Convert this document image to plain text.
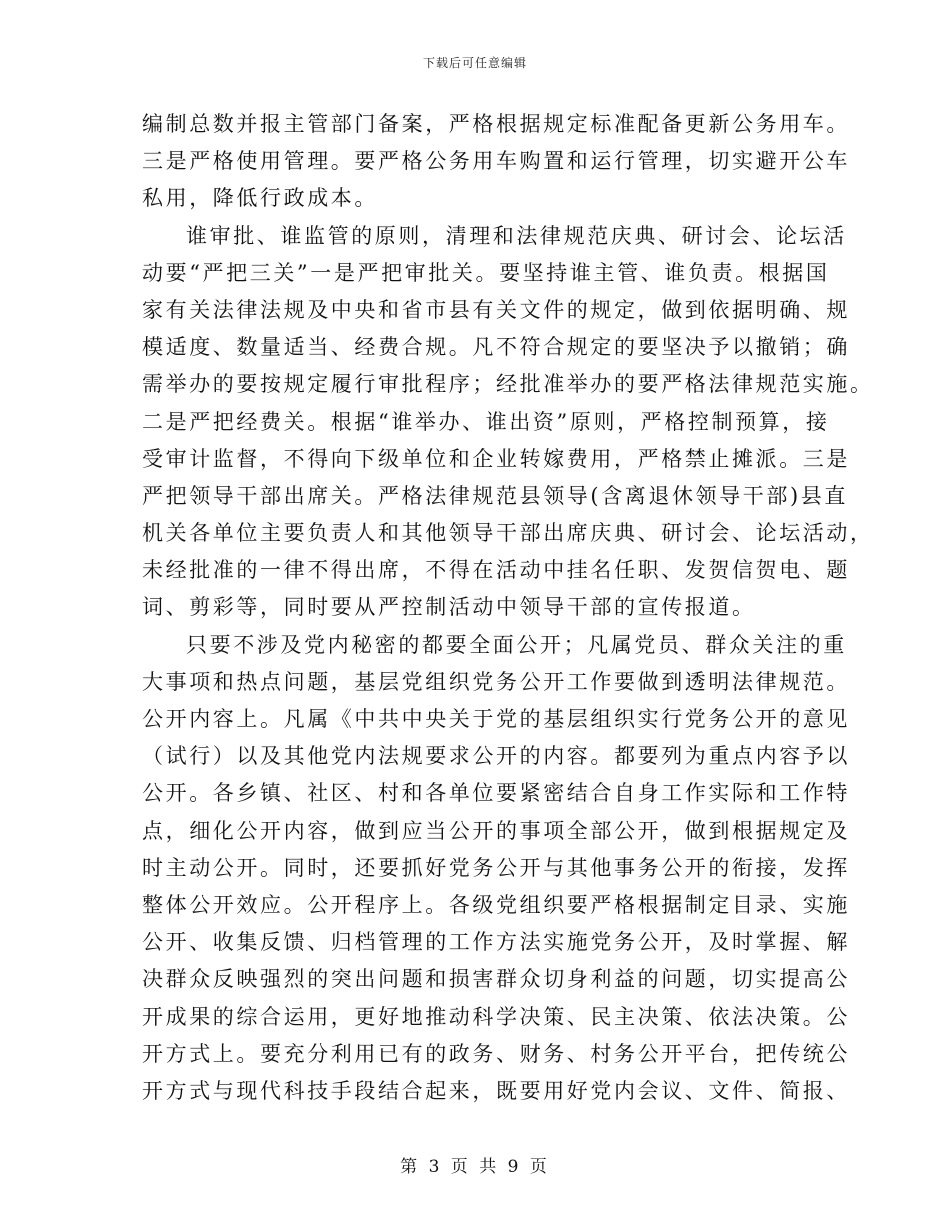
下载后可任意编辑
编制总数并报主管部门备案，严格根据规定标准配备更新公务用车。
三是严格使用管理。要严格公务用车购置和运行管理，切实避开公车
私用，降低行政成本。
谁审批、谁监管的原则，清理和法律规范庆典、研讨会、论坛活
动要“严把三关”一是严把审批关。要坚持谁主管、谁负责。根据国
家有关法律法规及中央和省市县有关文件的规定，做到依据明确、规
模适度、数量适当、经费合规。凡不符合规定的要坚决予以撤销；确
需举办的要按规定履行审批程序；经批准举办的要严格法律规范实施。
二是严把经费关。根据“谁举办、谁出资”原则，严格控制预算，接
受审计监督，不得向下级单位和企业转嫁费用，严格禁止摊派。三是
严把领导干部出席关。严格法律规范县领导(含离退休领导干部)县直
机关各单位主要负责人和其他领导干部出席庆典、研讨会、论坛活动，
未经批准的一律不得出席，不得在活动中挂名任职、发贺信贺电、题
词、剪彩等，同时要从严控制活动中领导干部的宣传报道。
只要不涉及党内秘密的都要全面公开；凡属党员、群众关注的重
大事项和热点问题，基层党组织党务公开工作要做到透明法律规范。
公开内容上。凡属《中共中央关于党的基层组织实行党务公开的意见
（试行）以及其他党内法规要求公开的内容。都要列为重点内容予以
公开。各乡镇、社区、村和各单位要紧密结合自身工作实际和工作特
点，细化公开内容，做到应当公开的事项全部公开，做到根据规定及
时主动公开。同时，还要抓好党务公开与其他事务公开的衔接，发挥
整体公开效应。公开程序上。各级党组织要严格根据制定目录、实施
公开、收集反馈、归档管理的工作方法实施党务公开，及时掌握、解
决群众反映强烈的突出问题和损害群众切身利益的问题，切实提高公
开成果的综合运用，更好地推动科学决策、民主决策、依法决策。公
开方式上。要充分利用已有的政务、财务、村务公开平台，把传统公
开方式与现代科技手段结合起来，既要用好党内会议、文件、简报、
第 3 页 共 9 页
